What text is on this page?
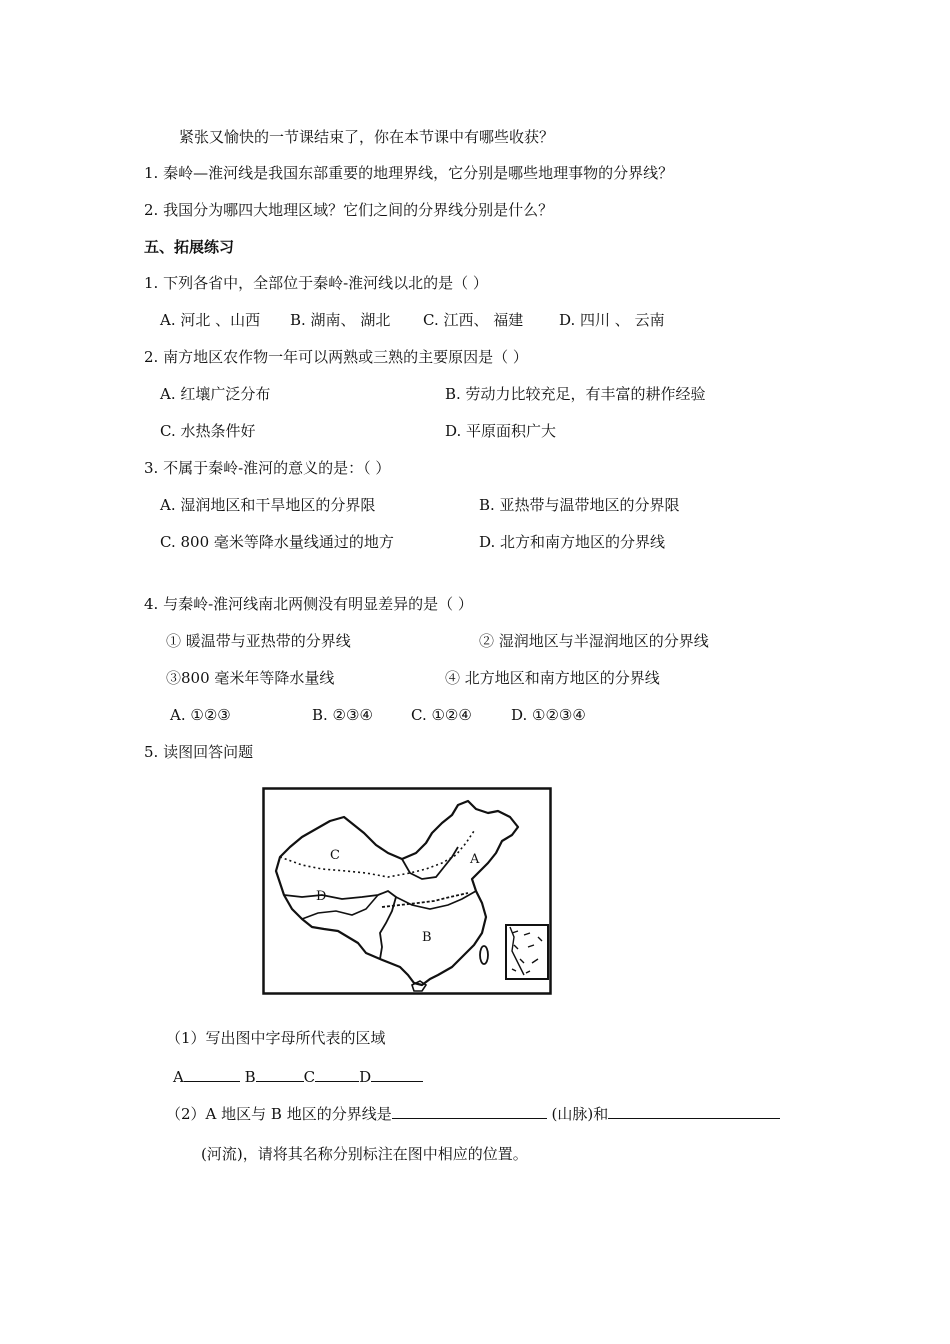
紧张又愉快的一节课结束了，你在本节课中有哪些收获？
1. 秦岭—淮河线是我国东部重要的地理界线，它分别是哪些地理事物的分界线？
2. 我国分为哪四大地理区域？它们之间的分界线分别是什么？
五、拓展练习
1. 下列各省中，全部位于秦岭-淮河线以北的是（ ）
A. 河北 、山西 B. 湖南、 湖北 C. 江西、 福建 D. 四川 、 云南
2. 南方地区农作物一年可以两熟或三熟的主要原因是（ ）
A. 红壤广泛分布	B. 劳动力比较充足，有丰富的耕作经验
C. 水热条件好	D. 平原面积广大
3. 不属于秦岭-淮河的意义的是：（ ）
A. 湿润地区和干旱地区的分界限	B. 亚热带与温带地区的分界限
C. 800 毫米等降水量线通过的地方	D. 北方和南方地区的分界线
4. 与秦岭-淮河线南北两侧没有明显差异的是（ ）
① 暖温带与亚热带的分界线	② 湿润地区与半湿润地区的分界线
③800 毫米年等降水量线	④ 北方地区和南方地区的分界线
A. ①②③	B. ②③④	C. ①②④	D. ①②③④
5. 读图回答问题
A
B
C
D
（1）写出图中字母所代表的区域
A	B	C	D
（2）A 地区与 B 地区的分界线是	(山脉)和
(河流)，请将其名称分别标注在图中相应的位置。
